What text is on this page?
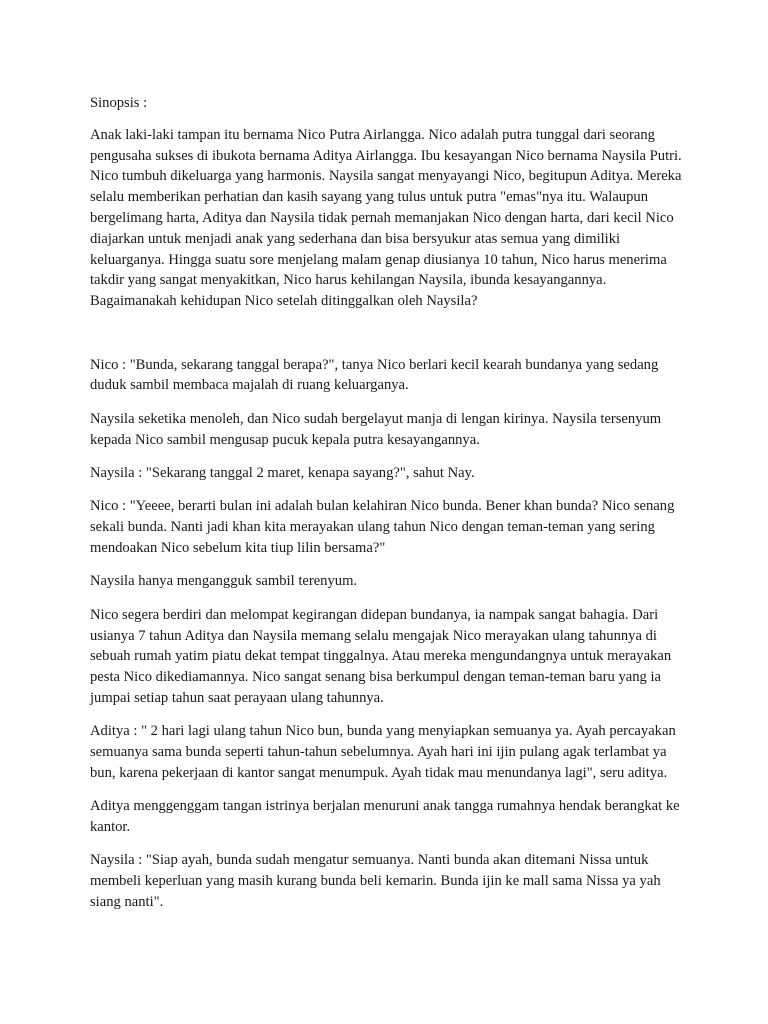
Sinopsis :

Anak laki-laki tampan itu bernama Nico Putra Airlangga. Nico adalah putra tunggal dari seorang pengusaha sukses di ibukota bernama Aditya Airlangga. Ibu kesayangan Nico bernama Naysila Putri. Nico tumbuh dikeluarga yang harmonis. Naysila sangat menyayangi Nico, begitupun Aditya. Mereka selalu memberikan perhatian dan kasih sayang yang tulus untuk putra "emas"nya itu. Walaupun bergelimang harta, Aditya dan Naysila tidak pernah memanjakan Nico dengan harta, dari kecil Nico diajarkan untuk menjadi anak yang sederhana dan bisa bersyukur atas semua yang dimiliki keluarganya. Hingga suatu sore menjelang malam genap diusianya 10 tahun, Nico harus menerima takdir yang sangat menyakitkan, Nico harus kehilangan Naysila, ibunda kesayangannya. Bagaimanakah kehidupan Nico setelah ditinggalkan oleh Naysila?

Nico : "Bunda, sekarang tanggal berapa?", tanya Nico berlari kecil kearah bundanya yang sedang duduk sambil membaca majalah di ruang keluarganya.

Naysila seketika menoleh, dan Nico sudah bergelayut manja di lengan kirinya. Naysila tersenyum kepada Nico sambil mengusap pucuk kepala putra kesayangannya.

Naysila : "Sekarang tanggal 2 maret, kenapa sayang?", sahut Nay.

Nico : "Yeeee, berarti bulan ini adalah bulan kelahiran Nico bunda. Bener khan bunda? Nico senang sekali bunda. Nanti jadi khan kita merayakan ulang tahun Nico dengan teman-teman yang sering mendoakan Nico sebelum kita tiup lilin bersama?"

Naysila hanya mengangguk sambil terenyum.

Nico segera berdiri dan melompat kegirangan didepan bundanya, ia nampak sangat bahagia. Dari usianya 7 tahun Aditya dan Naysila memang selalu mengajak Nico merayakan ulang tahunnya di sebuah rumah yatim piatu dekat tempat tinggalnya. Atau mereka mengundangnya untuk merayakan pesta Nico dikediamannya. Nico sangat senang bisa berkumpul dengan teman-teman baru yang ia jumpai setiap tahun saat perayaan ulang tahunnya.

Aditya : " 2 hari lagi ulang tahun Nico bun, bunda yang menyiapkan semuanya ya. Ayah percayakan semuanya sama bunda seperti tahun-tahun sebelumnya. Ayah hari ini ijin pulang agak terlambat ya bun, karena pekerjaan di kantor sangat menumpuk. Ayah tidak mau menundanya lagi", seru aditya.

Aditya menggenggam tangan istrinya berjalan menuruni anak tangga rumahnya hendak berangkat ke kantor.

Naysila : "Siap ayah, bunda sudah mengatur semuanya. Nanti bunda akan ditemani Nissa untuk membeli keperluan yang masih kurang bunda beli kemarin. Bunda ijin ke mall sama Nissa ya yah siang nanti".
